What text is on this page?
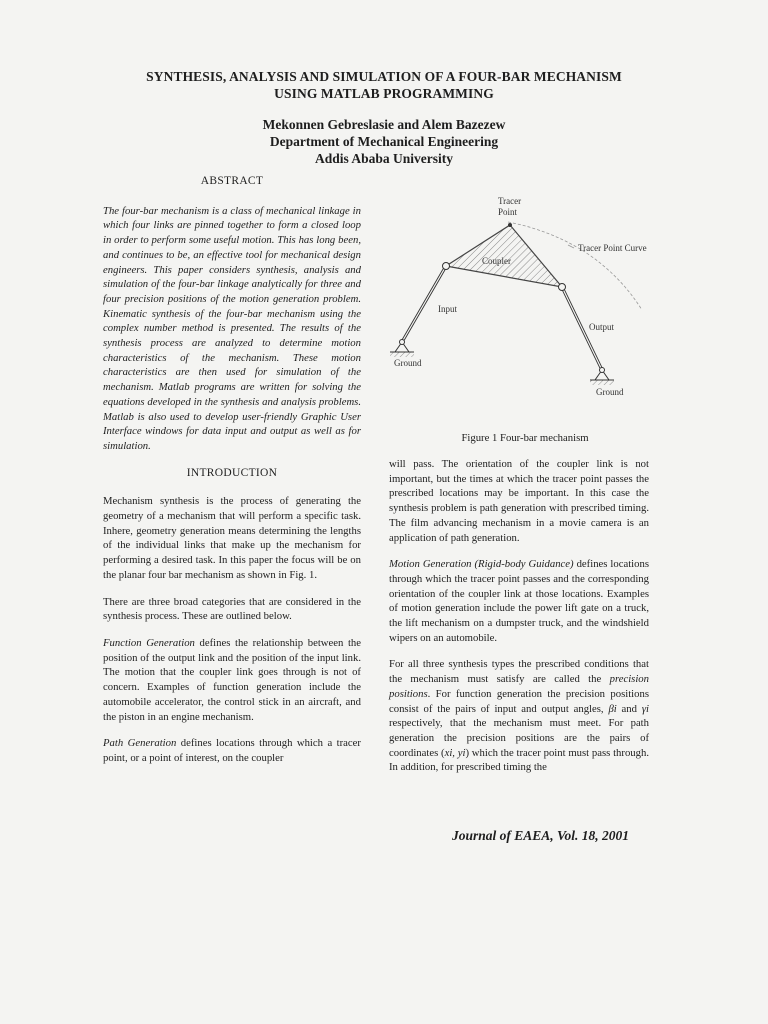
SYNTHESIS, ANALYSIS AND SIMULATION OF A FOUR-BAR MECHANISM
USING MATLAB PROGRAMMING
Mekonnen Gebreslasie and Alem Bazezew
Department of Mechanical Engineering
Addis Ababa University
ABSTRACT

The four-bar mechanism is a class of mechanical linkage in which four links are pinned together to form a closed loop in order to perform some useful motion. This has long been, and continues to be, an effective tool for mechanical design engineers. This paper considers synthesis, analysis and simulation of the four-bar linkage analytically for three and four precision positions of the motion generation problem. Kinematic synthesis of the four-bar mechanism using the complex number method is presented. The results of the synthesis process are analyzed to determine motion characteristics of the mechanism. These motion characteristics are then used for simulation of the mechanism. Matlab programs are written for solving the equations developed in the synthesis and analysis problems. Matlab is also used to develop user-friendly Graphic User Interface windows for data input and output as well as for simulation.

INTRODUCTION

Mechanism synthesis is the process of generating the geometry of a mechanism that will perform a specific task. Inhere, geometry generation means determining the lengths of the individual links that make up the mechanism for performing a desired task. In this paper the focus will be on the planar four bar mechanism as shown in Fig. 1.

There are three broad categories that are considered in the synthesis process. These are outlined below.

Function Generation defines the relationship between the position of the output link and the position of the input link. The motion that the coupler link goes through is not of concern. Examples of function generation include the automobile accelerator, the control stick in an aircraft, and the piston in an engine mechanism.

Path Generation defines locations through which a tracer point, or a point of interest, on the coupler

Tracer
Point
Tracer Point Curve
Coupler
Input
Output
Ground
Ground
Figure 1 Four-bar mechanism

will pass. The orientation of the coupler link is not important, but the times at which the tracer point passes the prescribed locations may be important. In this case the synthesis problem is path generation with prescribed timing. The film advancing mechanism in a movie camera is an application of path generation.

Motion Generation (Rigid-body Guidance) defines locations through which the tracer point passes and the corresponding orientation of the coupler link at those locations. Examples of motion generation include the power lift gate on a truck, the lift mechanism on a dumpster truck, and the windshield wipers on an automobile.

For all three synthesis types the prescribed conditions that the mechanism must satisfy are called the precision positions. For function generation the precision positions consist of the pairs of input and output angles, βi and γi respectively, that the mechanism must meet. For path generation the precision positions are the pairs of coordinates (xi, yi) which the tracer point must pass through. In addition, for prescribed timing the

Journal of EAEA, Vol. 18, 2001
